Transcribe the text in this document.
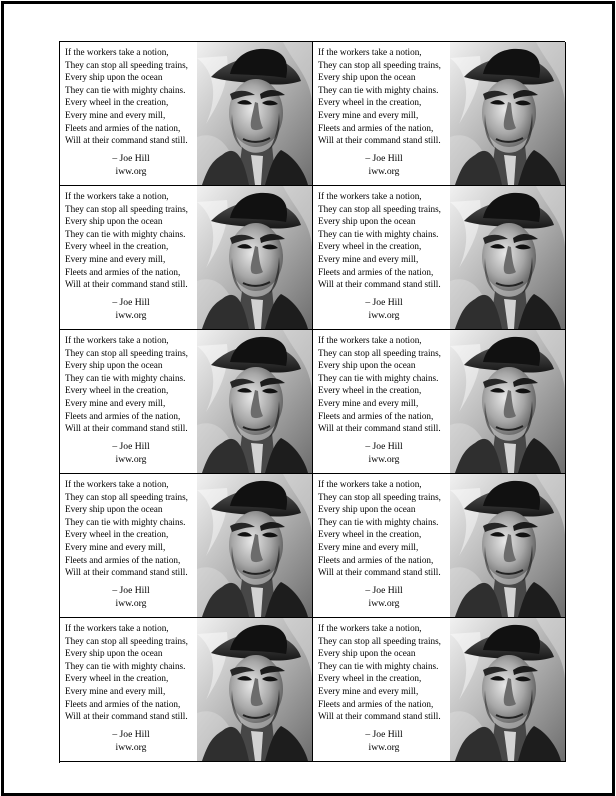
If the workers take a notion,
They can stop all speeding trains,
Every ship upon the ocean
They can tie with mighty chains.
Every wheel in the creation,
Every mine and every mill,
Fleets and armies of the nation,
Will at their command stand still.
– Joe Hill
iww.org
If the workers take a notion,
They can stop all speeding trains,
Every ship upon the ocean
They can tie with mighty chains.
Every wheel in the creation,
Every mine and every mill,
Fleets and armies of the nation,
Will at their command stand still.
– Joe Hill
iww.org
If the workers take a notion,
They can stop all speeding trains,
Every ship upon the ocean
They can tie with mighty chains.
Every wheel in the creation,
Every mine and every mill,
Fleets and armies of the nation,
Will at their command stand still.
– Joe Hill
iww.org
If the workers take a notion,
They can stop all speeding trains,
Every ship upon the ocean
They can tie with mighty chains.
Every wheel in the creation,
Every mine and every mill,
Fleets and armies of the nation,
Will at their command stand still.
– Joe Hill
iww.org
If the workers take a notion,
They can stop all speeding trains,
Every ship upon the ocean
They can tie with mighty chains.
Every wheel in the creation,
Every mine and every mill,
Fleets and armies of the nation,
Will at their command stand still.
– Joe Hill
iww.org
If the workers take a notion,
They can stop all speeding trains,
Every ship upon the ocean
They can tie with mighty chains.
Every wheel in the creation,
Every mine and every mill,
Fleets and armies of the nation,
Will at their command stand still.
– Joe Hill
iww.org
If the workers take a notion,
They can stop all speeding trains,
Every ship upon the ocean
They can tie with mighty chains.
Every wheel in the creation,
Every mine and every mill,
Fleets and armies of the nation,
Will at their command stand still.
– Joe Hill
iww.org
If the workers take a notion,
They can stop all speeding trains,
Every ship upon the ocean
They can tie with mighty chains.
Every wheel in the creation,
Every mine and every mill,
Fleets and armies of the nation,
Will at their command stand still.
– Joe Hill
iww.org
If the workers take a notion,
They can stop all speeding trains,
Every ship upon the ocean
They can tie with mighty chains.
Every wheel in the creation,
Every mine and every mill,
Fleets and armies of the nation,
Will at their command stand still.
– Joe Hill
iww.org
If the workers take a notion,
They can stop all speeding trains,
Every ship upon the ocean
They can tie with mighty chains.
Every wheel in the creation,
Every mine and every mill,
Fleets and armies of the nation,
Will at their command stand still.
– Joe Hill
iww.org
